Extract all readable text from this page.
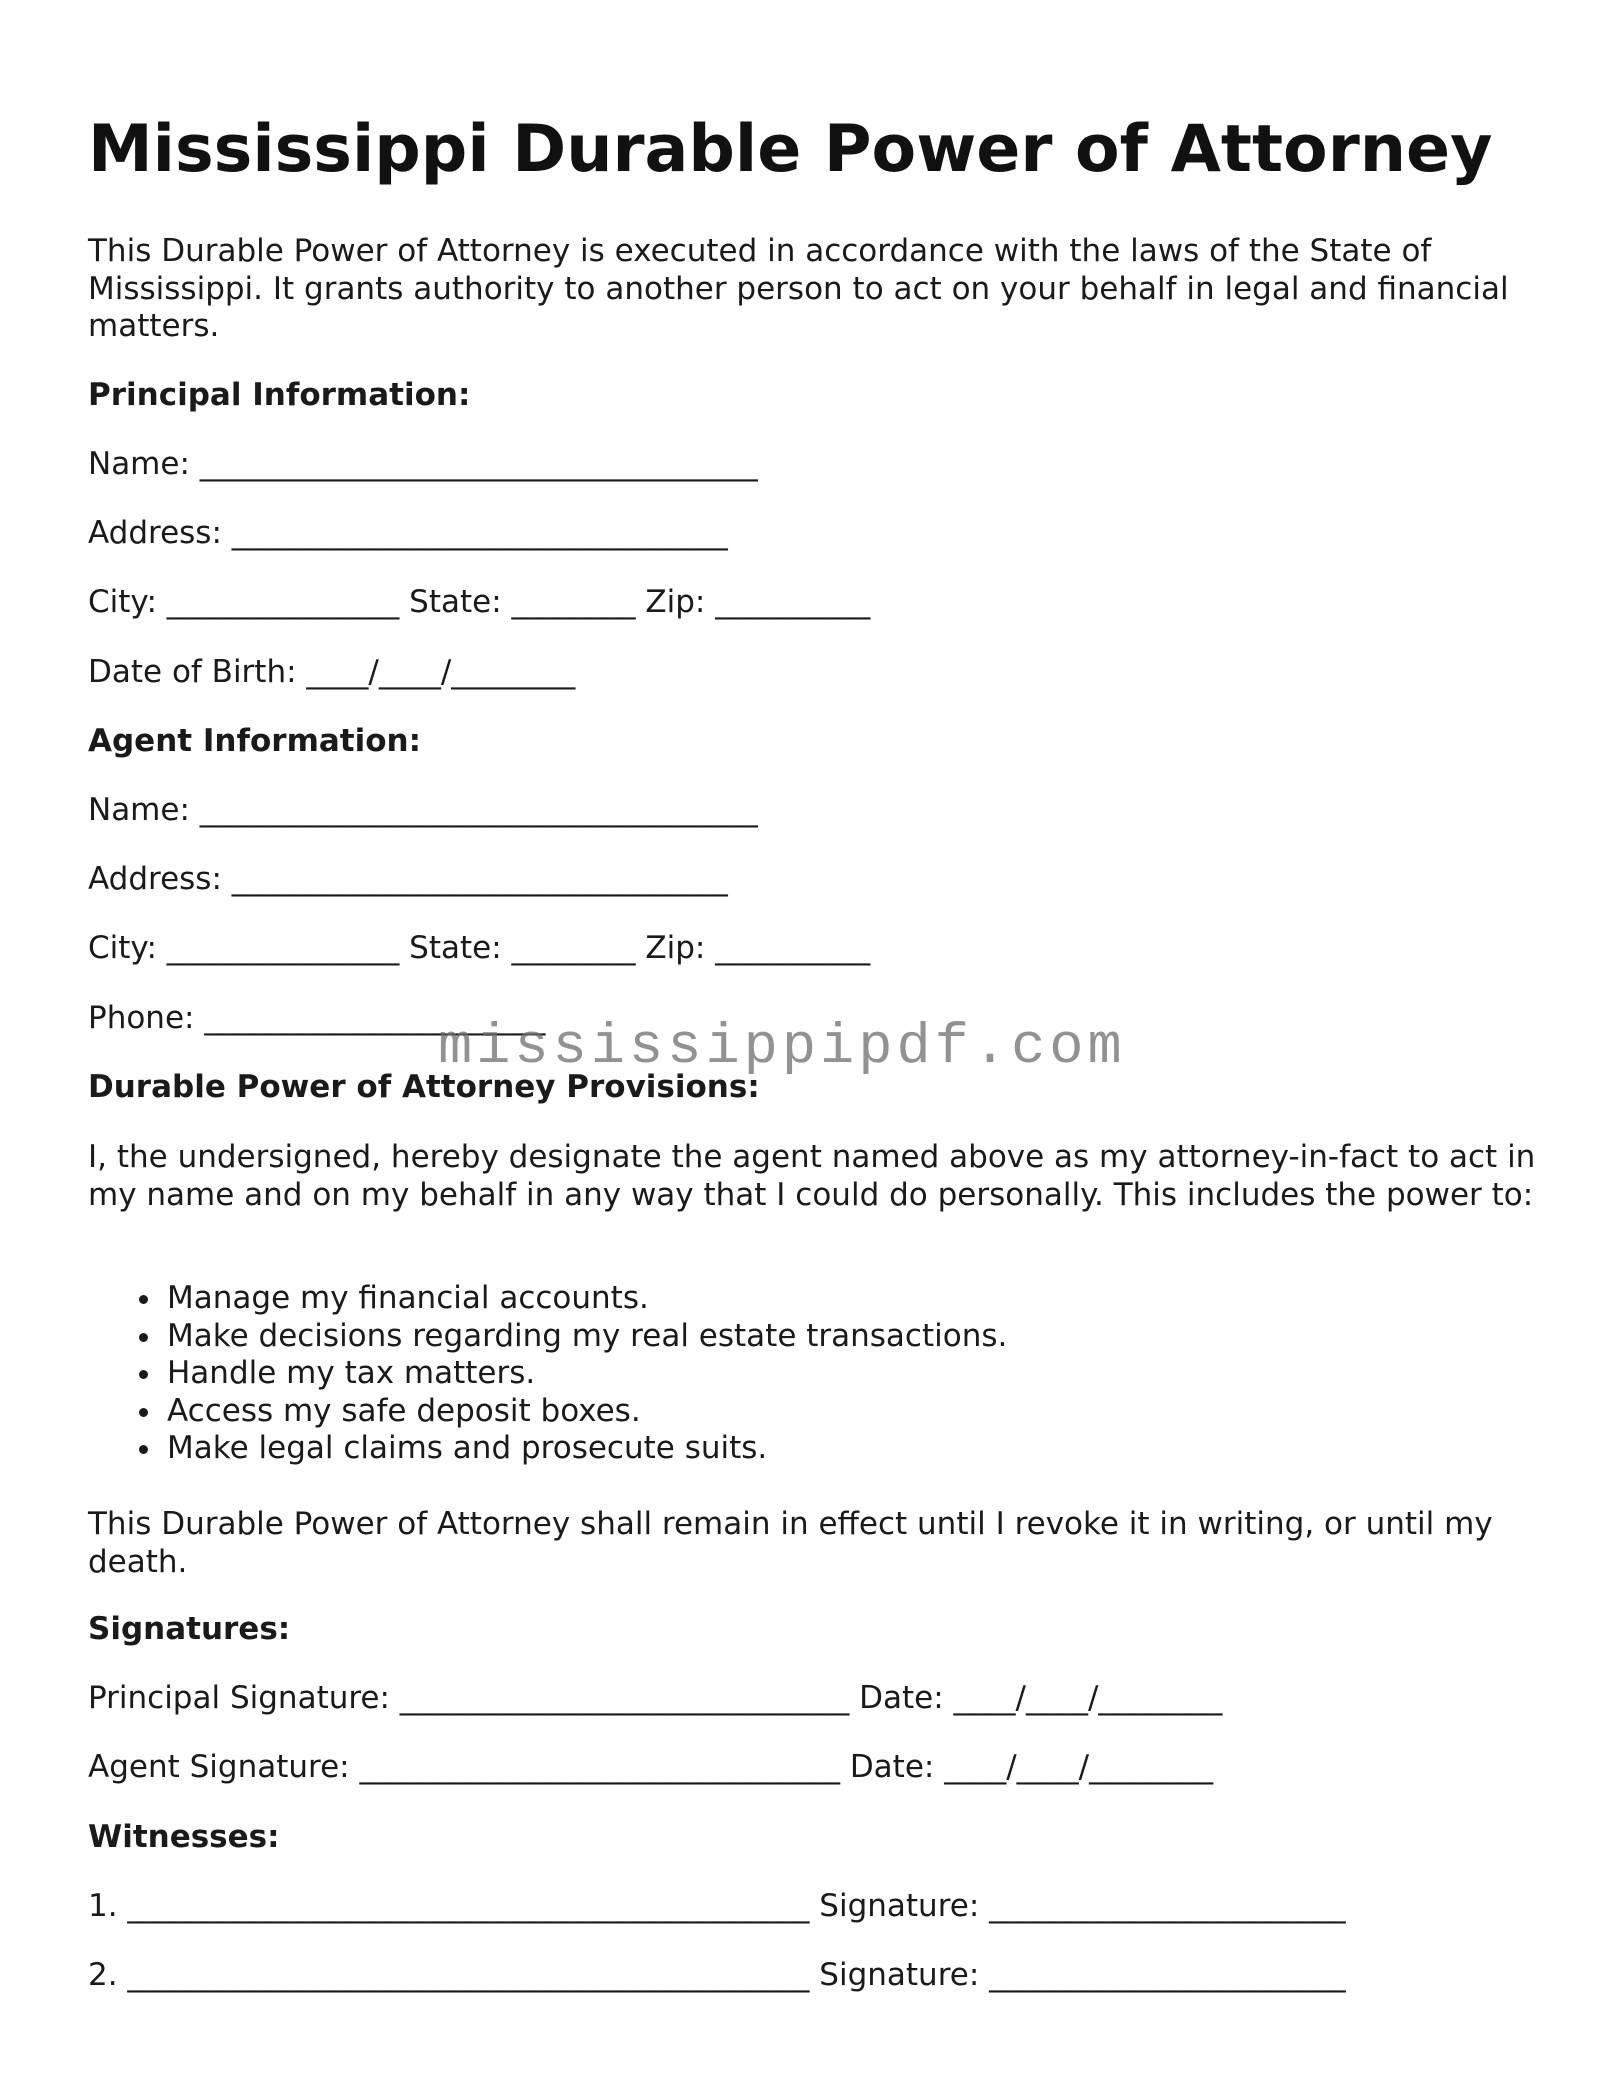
Mississippi Durable Power of Attorney

This Durable Power of Attorney is executed in accordance with the laws of the State of Mississippi. It grants authority to another person to act on your behalf in legal and financial matters.

Principal Information:
Name: ____________________________________
Address: ________________________________
City: _______________ State: ________ Zip: __________
Date of Birth: ____/____/________
Agent Information:
Name: ____________________________________
Address: ________________________________
City: _______________ State: ________ Zip: __________
Phone: ______________________
Durable Power of Attorney Provisions:

I, the undersigned, hereby designate the agent named above as my attorney-in-fact to act in my name and on my behalf in any way that I could do personally. This includes the power to:

Manage my financial accounts.
Make decisions regarding my real estate transactions.
Handle my tax matters.
Access my safe deposit boxes.
Make legal claims and prosecute suits.

This Durable Power of Attorney shall remain in effect until I revoke it in writing, or until my death.

Signatures:
Principal Signature: _____________________________ Date: ____/____/________
Agent Signature: _______________________________ Date: ____/____/________
Witnesses:
1. ____________________________________________ Signature: _______________________
2. ____________________________________________ Signature: _______________________
mississippipdf.com
